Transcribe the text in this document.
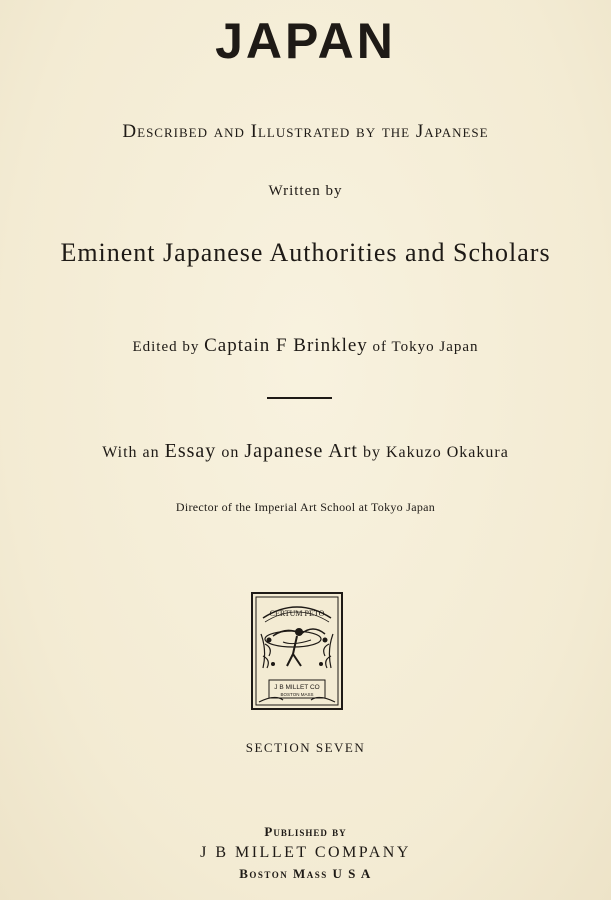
JAPAN
Described and Illustrated by the Japanese
Written by
Eminent Japanese Authorities and Scholars
Edited by Captain F Brinkley of Tokyo Japan
With an Essay on Japanese Art by Kakuzo Okakura
Director of the Imperial Art School at Tokyo Japan
CERTUM PETO
J B MILLET CO
BOSTON MASS
SECTION SEVEN
Published by
J B MILLET COMPANY
Boston Mass U S A
